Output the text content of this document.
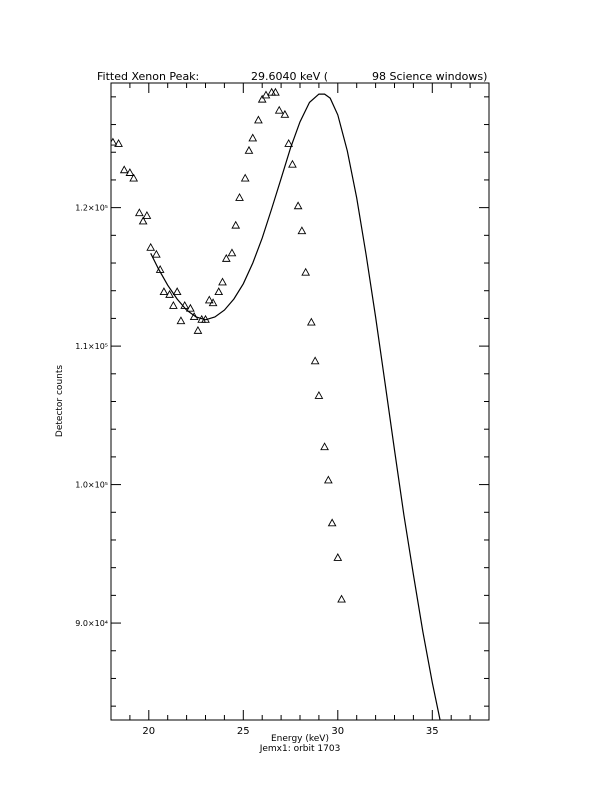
Fitted Xenon Peak:	29.6040 keV (	98 Science windows)
20	25	30	35
9.0×10⁴
1.0×10⁵
1.1×10⁵
1.2×10⁵
Energy (keV)
Jemx1: orbit 1703
Detector counts
